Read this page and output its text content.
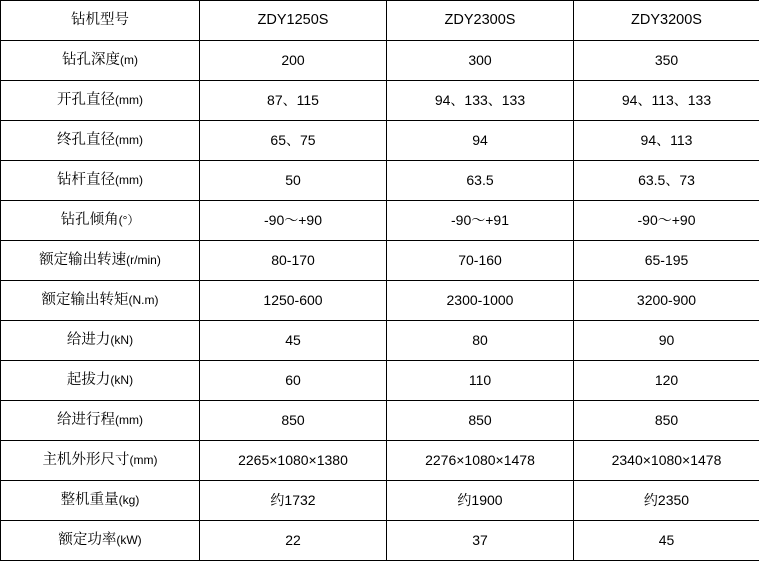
钻机型号	ZDY1250S	ZDY2300S	ZDY3200S
钻孔深度(m)	200	300	350
开孔直径(mm)	87、115	94、133、133	94、113、133
终孔直径(mm)	65、75	94	94、113
钻杆直径(mm)	50	63.5	63.5、73
钻孔倾角(°）	-90～+90	-90～+91	-90～+90
额定输出转速(r/min)	80-170	70-160	65-195
额定输出转矩(N.m)	1250-600	2300-1000	3200-900
给进力(kN)	45	80	90
起拔力(kN)	60	110	120
给进行程(mm)	850	850	850
主机外形尺寸(mm)	2265×1080×1380	2276×1080×1478	2340×1080×1478
整机重量(kg)	约1732	约1900	约2350
额定功率(kW)	22	37	45
